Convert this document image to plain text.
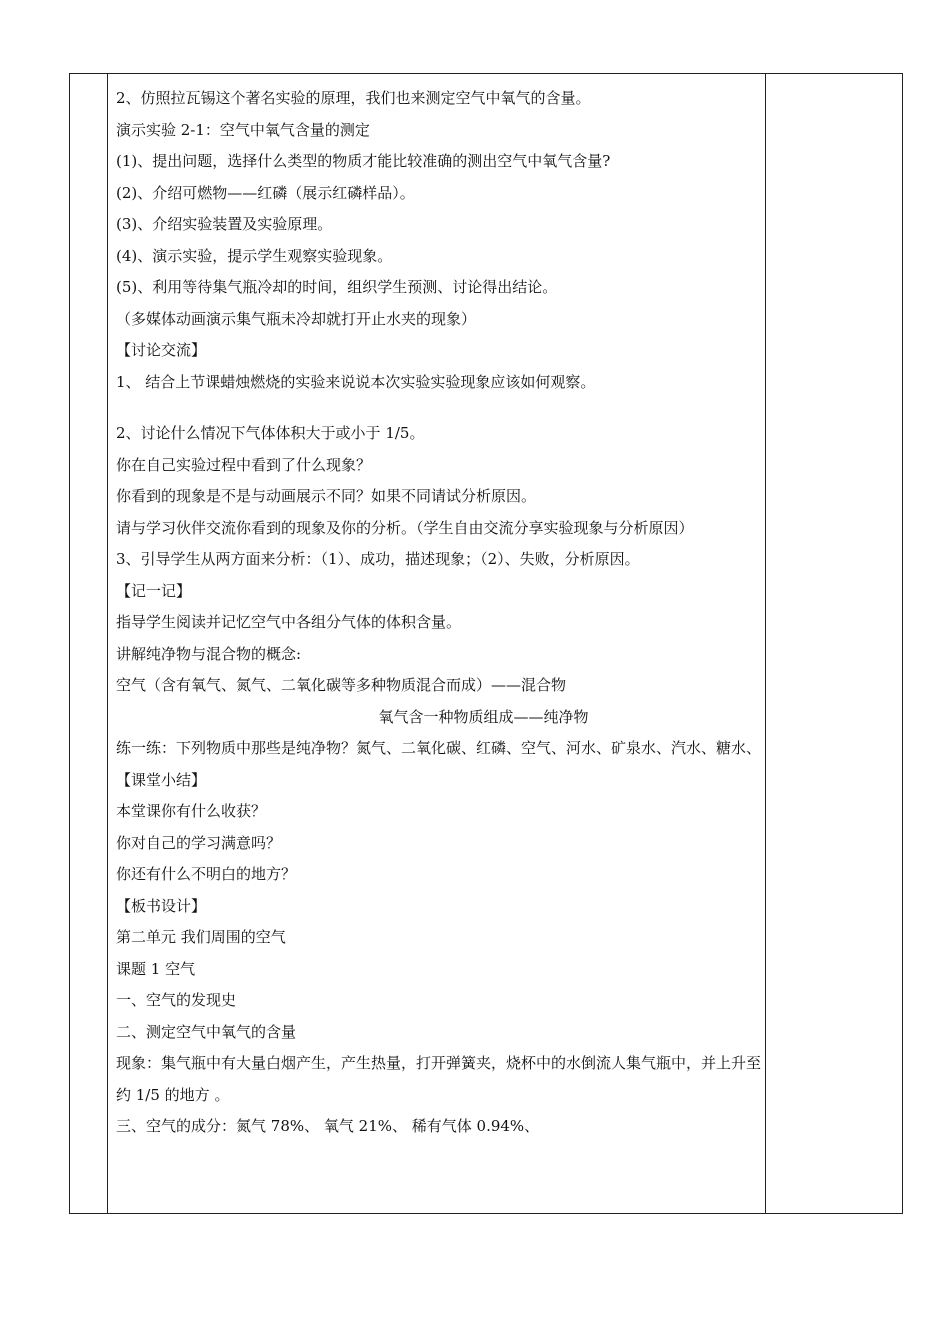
2、仿照拉瓦锡这个著名实验的原理，我们也来测定空气中氧气的含量。
演示实验 2-1：空气中氧气含量的测定
(1)、提出问题，选择什么类型的物质才能比较准确的测出空气中氧气含量?
(2)、介绍可燃物——红磷（展示红磷样品）。
(3)、介绍实验装置及实验原理。
(4)、演示实验，提示学生观察实验现象。
(5)、利用等待集气瓶冷却的时间，组织学生预测、讨论得出结论。
（多媒体动画演示集气瓶未冷却就打开止水夹的现象）
【讨论交流】
1、 结合上节课蜡烛燃烧的实验来说说本次实验实验现象应该如何观察。
2、讨论什么情况下气体体积大于或小于 1/5。
你在自己实验过程中看到了什么现象？
你看到的现象是不是与动画展示不同？如果不同请试分析原因。
请与学习伙伴交流你看到的现象及你的分析。（学生自由交流分享实验现象与分析原因）
3、引导学生从两方面来分析：（1）、成功，描述现象；（2）、失败，分析原因。
【记一记】
指导学生阅读并记忆空气中各组分气体的体积含量。
讲解纯净物与混合物的概念:
空气（含有氧气、氮气、二氧化碳等多种物质混合而成）——混合物
氧气含一种物质组成——纯净物
练一练：下列物质中那些是纯净物？氮气、二氧化碳、红磷、空气、河水、矿泉水、汽水、糖水、
【课堂小结】
本堂课你有什么收获？
你对自己的学习满意吗？
你还有什么不明白的地方？
【板书设计】
第二单元 我们周围的空气
课题 1 空气
一、空气的发现史
二、测定空气中氧气的含量
现象：集气瓶中有大量白烟产生，产生热量，打开弹簧夹，烧杯中的水倒流人集气瓶中，并上升至约 1/5 的地方 。
三、空气的成分：氮气 78%、 氧气 21%、 稀有气体 0.94%、
